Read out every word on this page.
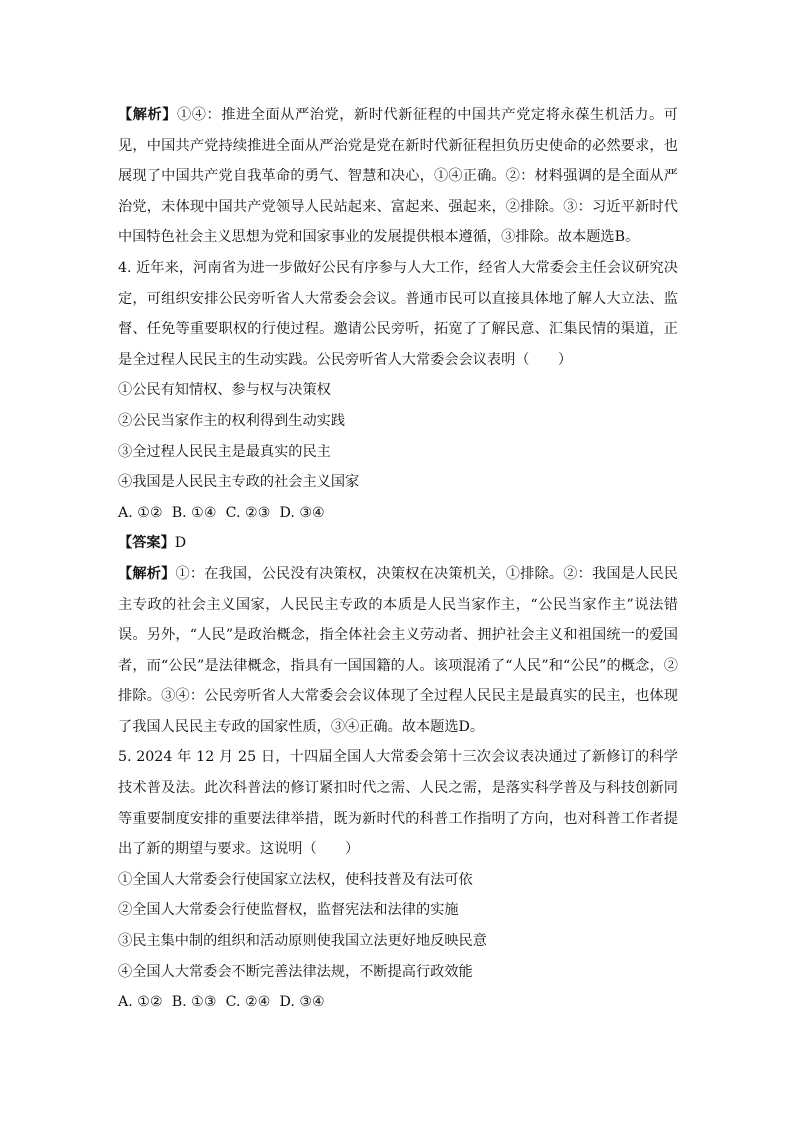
【解析】①④：推进全面从严治党，新时代新征程的中国共产党定将永葆生机活力。可见，中国共产党持续推进全面从严治党是党在新时代新征程担负历史使命的必然要求，也展现了中国共产党自我革命的勇气、智慧和决心，①④正确。②：材料强调的是全面从严治党，未体现中国共产党领导人民站起来、富起来、强起来，②排除。③：习近平新时代中国特色社会主义思想为党和国家事业的发展提供根本遵循，③排除。故本题选B。

4. 近年来，河南省为进一步做好公民有序参与人大工作，经省人大常委会主任会议研究决定，可组织安排公民旁听省人大常委会会议。普通市民可以直接具体地了解人大立法、监督、任免等重要职权的行使过程。邀请公民旁听，拓宽了了解民意、汇集民情的渠道，正是全过程人民民主的生动实践。公民旁听省人大常委会会议表明（　　）

①公民有知情权、参与权与决策权

②公民当家作主的权利得到生动实践

③全过程人民民主是最真实的民主

④我国是人民民主专政的社会主义国家

A. ①②  B. ①④  C. ②③  D. ③④

【答案】D

【解析】①：在我国，公民没有决策权，决策权在决策机关，①排除。②：我国是人民民主专政的社会主义国家，人民民主专政的本质是人民当家作主，“公民当家作主”说法错误。另外，“人民”是政治概念，指全体社会主义劳动者、拥护社会主义和祖国统一的爱国者，而“公民”是法律概念，指具有一国国籍的人。该项混淆了“人民”和“公民”的概念，②排除。③④：公民旁听省人大常委会会议体现了全过程人民民主是最真实的民主，也体现了我国人民民主专政的国家性质，③④正确。故本题选D。

5. 2024 年 12 月 25 日，十四届全国人大常委会第十三次会议表决通过了新修订的科学技术普及法。此次科普法的修订紧扣时代之需、人民之需，是落实科学普及与科技创新同等重要制度安排的重要法律举措，既为新时代的科普工作指明了方向，也对科普工作者提出了新的期望与要求。这说明（　　）

①全国人大常委会行使国家立法权，使科技普及有法可依

②全国人大常委会行使监督权，监督宪法和法律的实施

③民主集中制的组织和活动原则使我国立法更好地反映民意

④全国人大常委会不断完善法律法规，不断提高行政效能

A. ①②  B. ①③  C. ②④  D. ③④
